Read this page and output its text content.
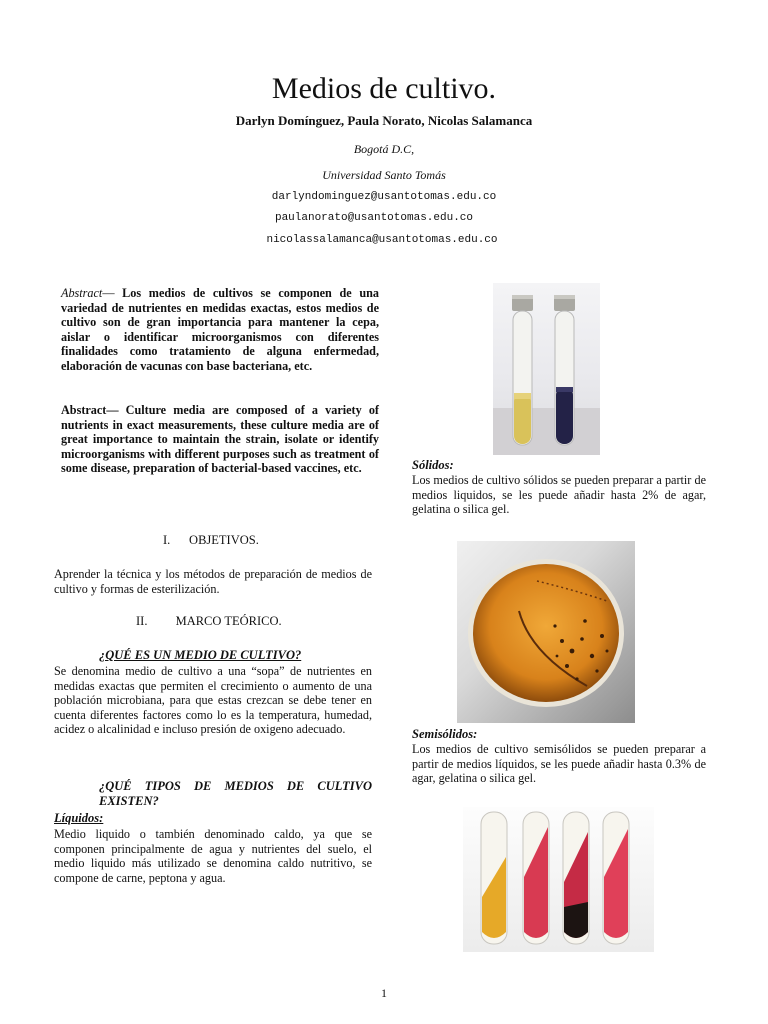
Medios de cultivo.
Darlyn Domínguez, Paula Norato, Nicolas Salamanca
Bogotá D.C,
Universidad Santo Tomás
darlyndominguez@usantotomas.edu.co
paulanorato@usantotomas.edu.co
nicolassalamanca@usantotomas.edu.co
Abstract— Los medios de cultivos se componen de una variedad de nutrientes en medidas exactas, estos medios de cultivo son de gran importancia para mantener la cepa, aislar o identificar microorganismos con diferentes finalidades como tratamiento de alguna enfermedad, elaboración de vacunas con base bacteriana, etc.
Abstract— Culture media are composed of a variety of nutrients in exact measurements, these culture media are of great importance to maintain the strain, isolate or identify microorganisms with different purposes such as treatment of some disease, preparation of bacterial-based vaccines, etc.
I. OBJETIVOS.
Aprender la técnica y los métodos de preparación de medios de cultivo y formas de esterilización.
II. MARCO TEÓRICO.
¿QUÉ ES UN MEDIO DE CULTIVO?
Se denomina medio de cultivo a una “sopa” de nutrientes en medidas exactas que permiten el crecimiento o aumento de una población microbiana, para que estas crezcan se debe tener en cuenta diferentes factores como lo es la temperatura, humedad, acidez o alcalinidad e incluso presión de oxigeno adecuado.
¿QUÉ TIPOS DE MEDIOS DE CULTIVO EXISTEN?
Líquidos:
Medio liquido o también denominado caldo, ya que se componen principalmente de agua y nutrientes del suelo, el medio liquido más utilizado se denomina caldo nutritivo, se compone de carne, peptona y agua.
Sólidos:
Los medios de cultivo sólidos se pueden preparar a partir de medios liquidos, se les puede añadir hasta 2% de agar, gelatina o silica gel.
Semisólidos:
Los medios de cultivo semisólidos se pueden preparar a partir de medios líquidos, se les puede añadir hasta 0.3% de agar, gelatina o silica gel.
1
